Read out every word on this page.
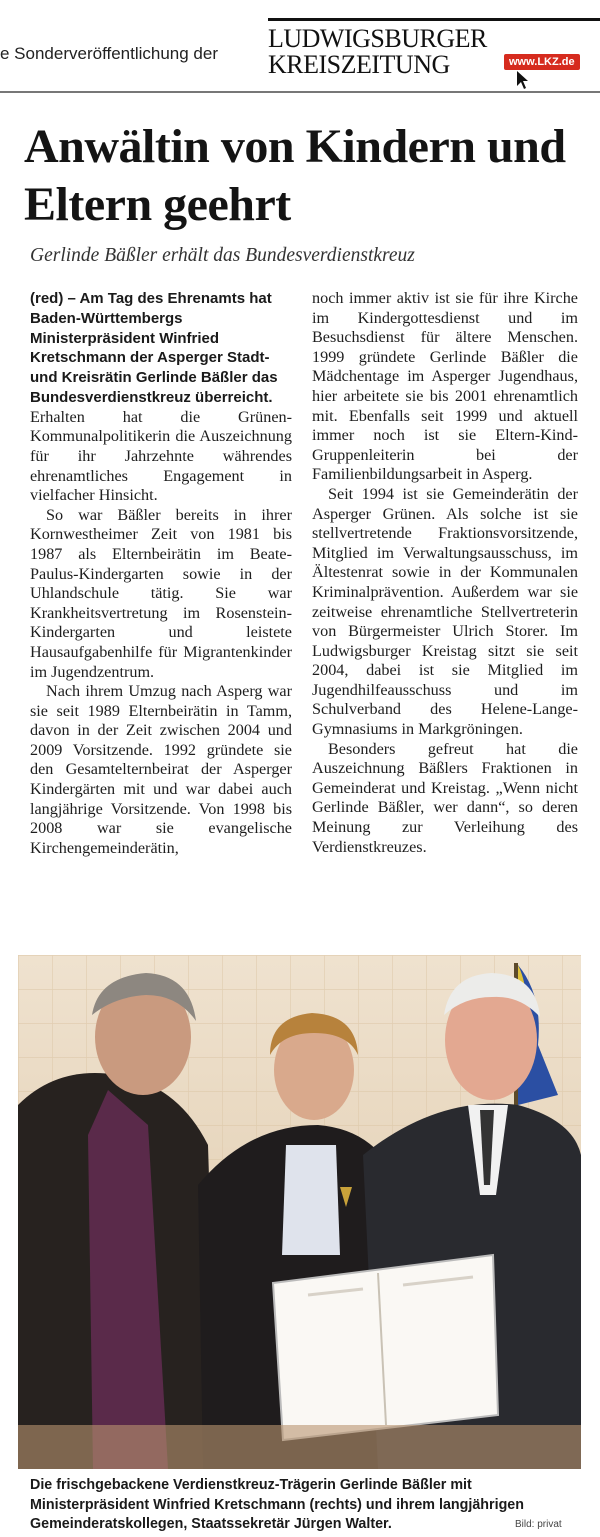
e Sonderveröffentlichung der
LUDWIGSBURGER
KREISZEITUNG	www.LKZ.de
Anwältin von Kindern und Eltern geehrt
Gerlinde Bäßler erhält das Bundesverdienstkreuz

(red) – Am Tag des Ehrenamts hat Baden-Württembergs Ministerpräsident Winfried Kretschmann der Asperger Stadt- und Kreisrätin Gerlinde Bäßler das Bundesverdienstkreuz überreicht.

Erhalten hat die Grünen-Kommunalpolitikerin die Auszeichnung für ihr Jahrzehnte währendes ehrenamtliches Engagement in vielfacher Hinsicht.

So war Bäßler bereits in ihrer Kornwestheimer Zeit von 1981 bis 1987 als Elternbeirätin im Beate-Paulus-Kindergarten sowie in der Uhlandschule tätig. Sie war Krankheitsvertretung im Rosenstein-Kindergarten und leistete Hausaufgabenhilfe für Migrantenkinder im Jugendzentrum.

Nach ihrem Umzug nach Asperg war sie seit 1989 Elternbeirätin in Tamm, davon in der Zeit zwischen 2004 und 2009 Vorsitzende. 1992 gründete sie den Gesamtelternbeirat der Asperger Kindergärten mit und war dabei auch langjährige Vorsitzende. Von 1998 bis 2008 war sie evangelische Kirchengemeinderätin,

noch immer aktiv ist sie für ihre Kirche im Kindergottesdienst und im Besuchsdienst für ältere Menschen. 1999 gründete Gerlinde Bäßler die Mädchentage im Asperger Jugendhaus, hier arbeitete sie bis 2001 ehrenamtlich mit. Ebenfalls seit 1999 und aktuell immer noch ist sie Eltern-Kind-Gruppenleiterin bei der Familienbildungsarbeit in Asperg.

Seit 1994 ist sie Gemeinderätin der Asperger Grünen. Als solche ist sie stellvertretende Fraktionsvorsitzende, Mitglied im Verwaltungsausschuss, im Ältestenrat sowie in der Kommunalen Kriminalprävention. Außerdem war sie zeitweise ehrenamtliche Stellvertreterin von Bürgermeister Ulrich Storer. Im Ludwigsburger Kreistag sitzt sie seit 2004, dabei ist sie Mitglied im Jugendhilfeausschuss und im Schulverband des Helene-Lange-Gymnasiums in Markgröningen.

Besonders gefreut hat die Auszeichnung Bäßlers Fraktionen in Gemeinderat und Kreistag. „Wenn nicht Gerlinde Bäßler, wer dann“, so deren Meinung zur Verleihung des Verdienstkreuzes.

Die frischgebackene Verdienstkreuz-Trägerin Gerlinde Bäßler mit Ministerpräsident Winfried Kretschmann (rechts) und ihrem langjährigen Gemeinderatskollegen, Staatssekretär Jürgen Walter.	Bild: privat
